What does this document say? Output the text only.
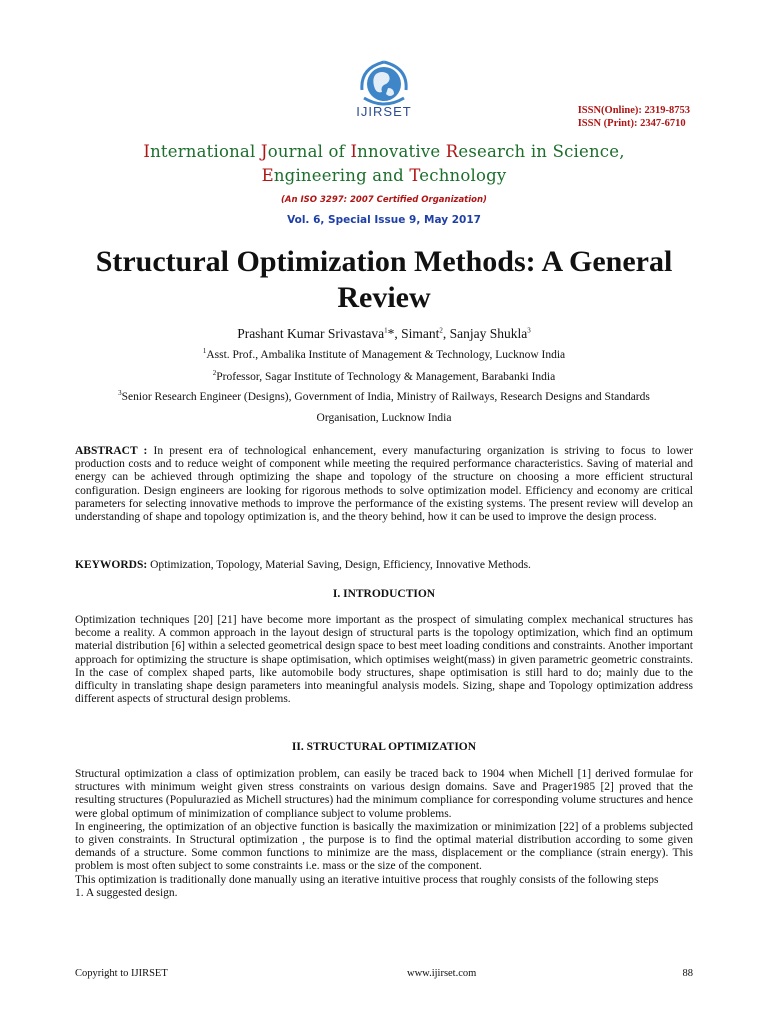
IJIRSET	ISSN(Online): 2319-8753
ISSN (Print): 2347-6710
International Journal of Innovative Research in Science,
Engineering and Technology
(An ISO 3297: 2007 Certified Organization)
Vol. 6, Special Issue 9, May 2017
Structural Optimization Methods: A General
Review
Prashant Kumar Srivastava$^1$*, Simant$^2$, Sanjay Shukla$^3$
$^1$Asst. Prof., Ambalika Institute of Management & Technology, Lucknow India
$^2$Professor, Sagar Institute of Technology & Management, Barabanki India
$^3$Senior Research Engineer (Designs), Government of India, Ministry of Railways, Research Designs and Standards
Organisation, Lucknow India
ABSTRACT : In present era of technological enhancement, every manufacturing organization is striving to focus to lower production costs and to reduce weight of component while meeting the required performance characteristics. Saving of material and energy can be achieved through optimizing the shape and topology of the structure on choosing a more efficient structural configuration. Design engineers are looking for rigorous methods to solve optimization model. Efficiency and economy are critical parameters for selecting innovative methods to improve the performance of the existing systems. The present review will develop an understanding of shape and topology optimization is, and the theory behind, how it can be used to improve the design process.
KEYWORDS: Optimization, Topology, Material Saving, Design, Efficiency, Innovative Methods.
I. INTRODUCTION
Optimization techniques [20] [21] have become more important as the prospect of simulating complex mechanical structures has become a reality. A common approach in the layout design of structural parts is the topology optimization, which find an optimum material distribution [6] within a selected geometrical design space to best meet loading conditions and constraints. Another important approach for optimizing the structure is shape optimisation, which optimises weight(mass) in given parametric geometric constraints. In the case of complex shaped parts, like automobile body structures, shape optimisation is still hard to do; mainly due to the difficulty in translating shape design parameters into meaningful analysis models. Sizing, shape and Topology optimization address different aspects of structural design problems.
II. STRUCTURAL OPTIMIZATION

Structural optimization a class of optimization problem, can easily be traced back to 1904 when Michell [1] derived formulae for structures with minimum weight given stress constraints on various design domains. Save and Prager1985 [2] proved that the resulting structures (Populurazied as Michell structures) had the minimum compliance for corresponding volume structures and hence were global optimum of minimization of compliance subject to volume problems.

In engineering, the optimization of an objective function is basically the maximization or minimization [22] of a problems subjected to given constraints. In Structural optimization , the purpose is to find the optimal material distribution according to some given demands of a structure. Some common functions to minimize are the mass, displacement or the compliance (strain energy). This problem is most often subject to some constraints i.e. mass or the size of the component.

This optimization is traditionally done manually using an iterative intuitive process that roughly consists of the following steps

1. A suggested design.

Copyright to IJIRSET	www.ijirset.com	88
